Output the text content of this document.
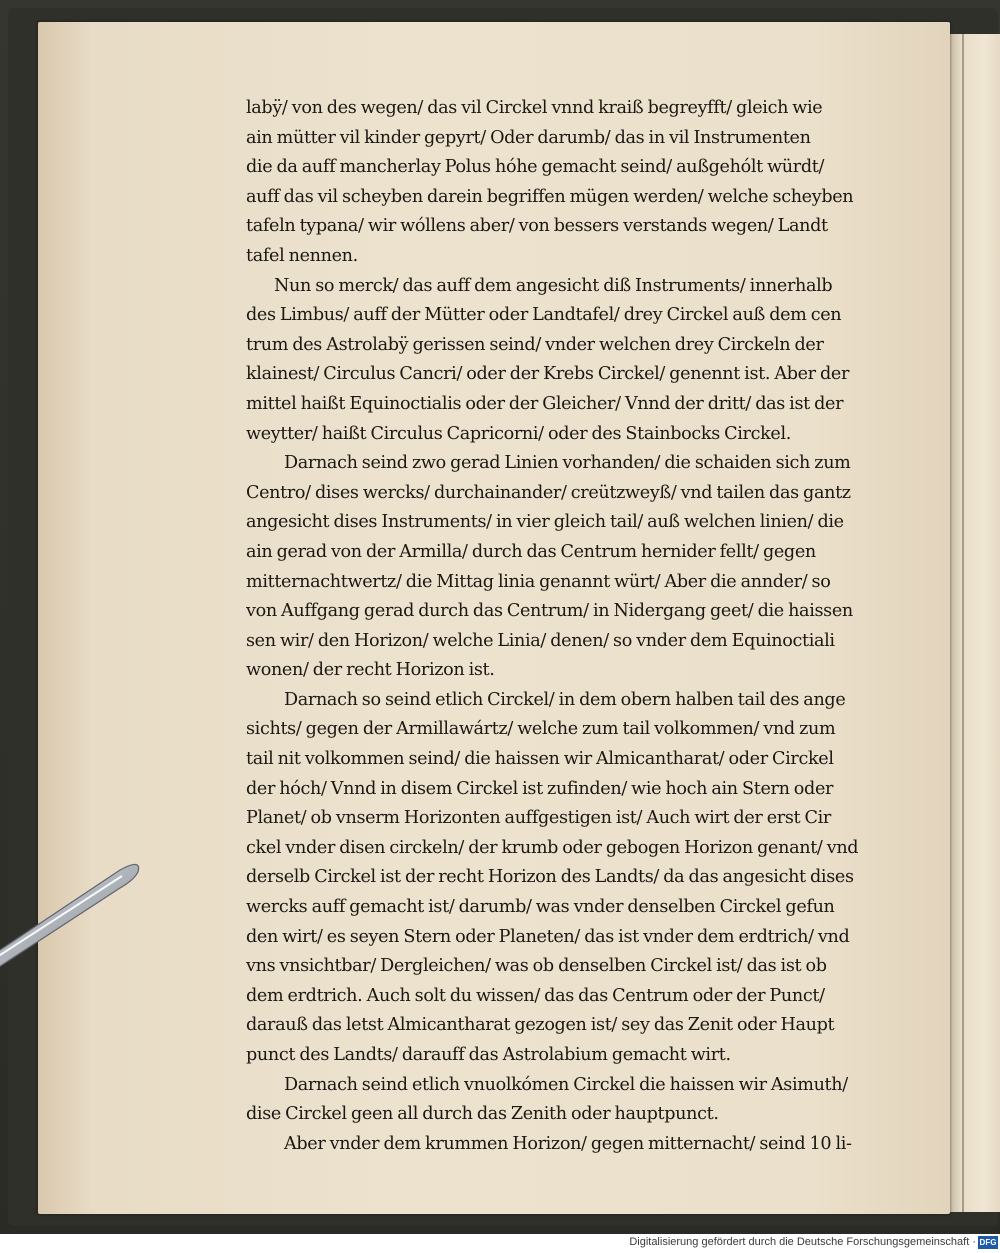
labÿ/ von des wegen/ das vil Circkel vnnd kraiß begreyfft/ gleich wie
ain mütter vil kinder gepyrt/ Oder darumb/ das in vil Instrumenten
die da auff mancherlay Polus hóhe gemacht seind/ außgehólt würdt/
auff das vil scheyben darein begriffen mügen werden/ welche scheyben
tafeln typana/ wir wóllens aber/ von bessers verstands wegen/ Landt
tafel nennen.
Nun so merck/ das auff dem angesicht diß Instruments/ innerhalb
des Limbus/ auff der Mütter oder Landtafel/ drey Circkel auß dem cen
trum des Astrolabÿ gerissen seind/ vnder welchen drey Circkeln der
klainest/ Circulus Cancri/ oder der Krebs Circkel/ genennt ist. Aber der
mittel haißt Equinoctialis oder der Gleicher/ Vnnd der dritt/ das ist der
weytter/ haißt Circulus Capricorni/ oder des Stainbocks Circkel.
Darnach seind zwo gerad Linien vorhanden/ die schaiden sich zum
Centro/ dises wercks/ durchainander/ creützweyß/ vnd tailen das gantz
angesicht dises Instruments/ in vier gleich tail/ auß welchen linien/ die
ain gerad von der Armilla/ durch das Centrum hernider fellt/ gegen
mitternachtwertz/ die Mittag linia genannt würt/ Aber die annder/ so
von Auffgang gerad durch das Centrum/ in Nidergang geet/ die haissen
sen wir/ den Horizon/ welche Linia/ denen/ so vnder dem Equinoctiali
wonen/ der recht Horizon ist.
Darnach so seind etlich Circkel/ in dem obern halben tail des ange
sichts/ gegen der Armillawártz/ welche zum tail volkommen/ vnd zum
tail nit volkommen seind/ die haissen wir Almicantharat/ oder Circkel
der hóch/ Vnnd in disem Circkel ist zufinden/ wie hoch ain Stern oder
Planet/ ob vnserm Horizonten auffgestigen ist/ Auch wirt der erst Cir
ckel vnder disen circkeln/ der krumb oder gebogen Horizon genant/ vnd
derselb Circkel ist der recht Horizon des Landts/ da das angesicht dises
wercks auff gemacht ist/ darumb/ was vnder denselben Circkel gefun
den wirt/ es seyen Stern oder Planeten/ das ist vnder dem erdtrich/ vnd
vns vnsichtbar/ Dergleichen/ was ob denselben Circkel ist/ das ist ob
dem erdtrich. Auch solt du wissen/ das das Centrum oder der Punct/
darauß das letst Almicantharat gezogen ist/ sey das Zenit oder Haupt
punct des Landts/ darauff das Astrolabium gemacht wirt.
Darnach seind etlich vnuolkómen Circkel die haissen wir Asimuth/
dise Circkel geen all durch das Zenith oder hauptpunct.
Aber vnder dem krummen Horizon/ gegen mitternacht/ seind 10 li-
Digitalisierung gefördert durch die Deutsche Forschungsgemeinschaft · DFG
